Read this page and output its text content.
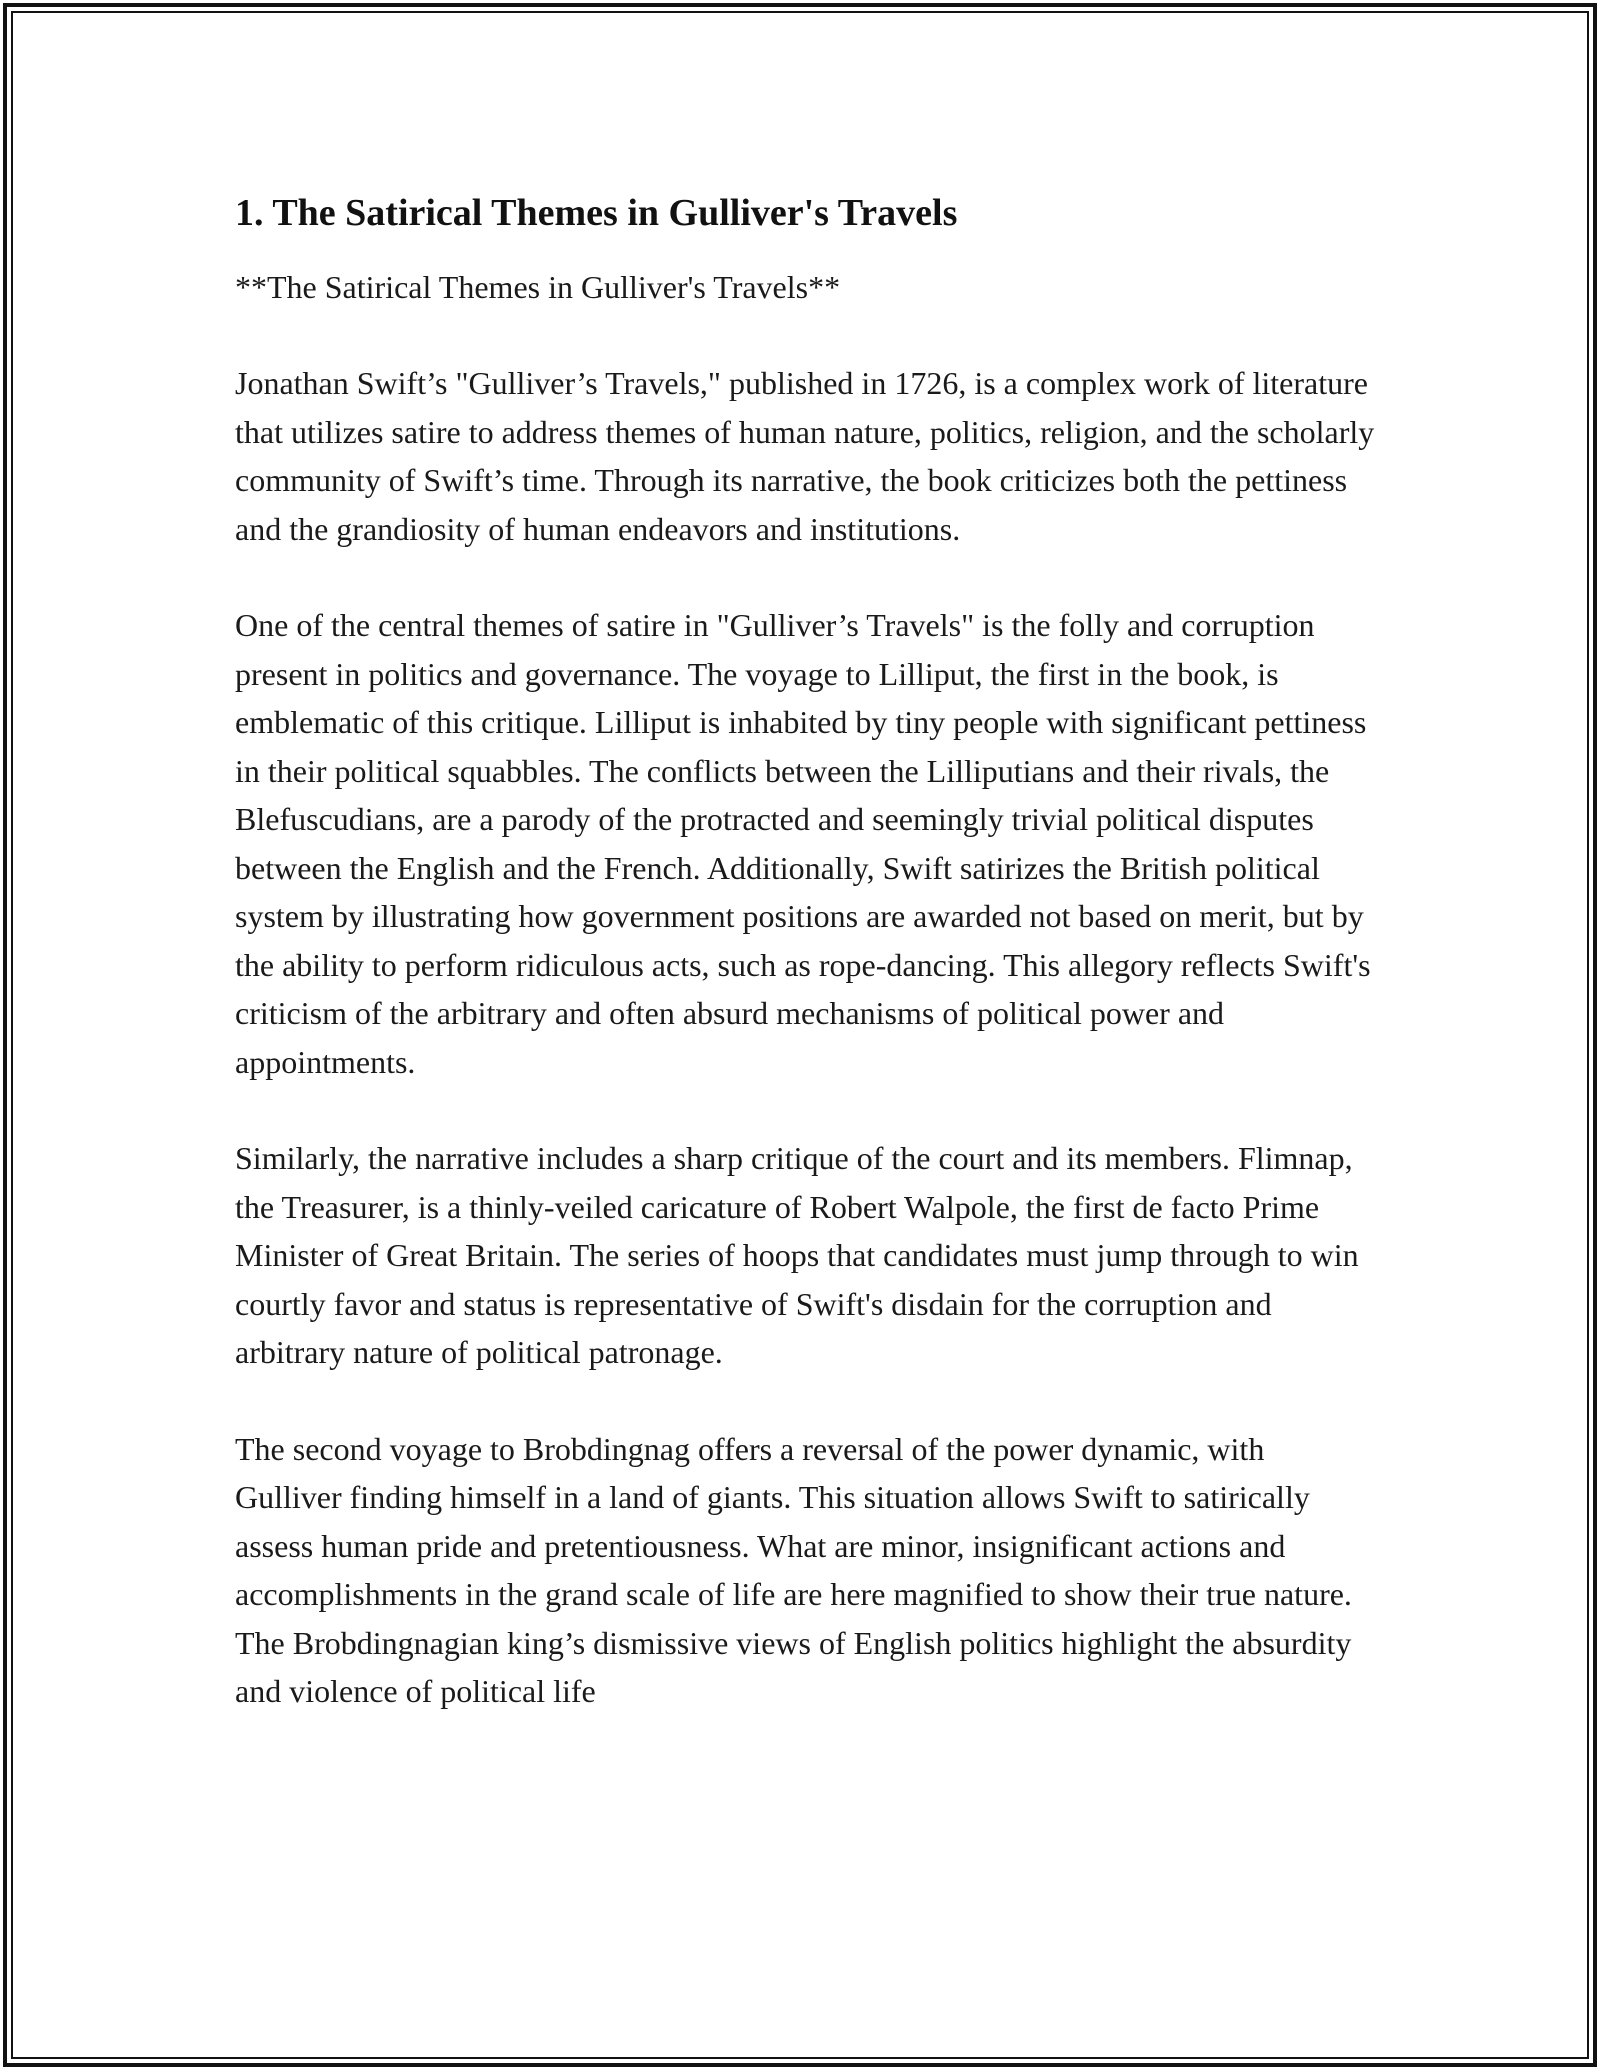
1. The Satirical Themes in Gulliver's Travels

**The Satirical Themes in Gulliver's Travels**

Jonathan Swift’s "Gulliver’s Travels," published in 1726, is a complex work of literature that utilizes satire to address themes of human nature, politics, religion, and the scholarly community of Swift’s time. Through its narrative, the book criticizes both the pettiness and the grandiosity of human endeavors and institutions.

One of the central themes of satire in "Gulliver’s Travels" is the folly and corruption present in politics and governance. The voyage to Lilliput, the first in the book, is emblematic of this critique. Lilliput is inhabited by tiny people with significant pettiness in their political squabbles. The conflicts between the Lilliputians and their rivals, the Blefuscudians, are a parody of the protracted and seemingly trivial political disputes between the English and the French. Additionally, Swift satirizes the British political system by illustrating how government positions are awarded not based on merit, but by the ability to perform ridiculous acts, such as rope-dancing. This allegory reflects Swift's criticism of the arbitrary and often absurd mechanisms of political power and appointments.

Similarly, the narrative includes a sharp critique of the court and its members. Flimnap, the Treasurer, is a thinly-veiled caricature of Robert Walpole, the first de facto Prime Minister of Great Britain. The series of hoops that candidates must jump through to win courtly favor and status is representative of Swift's disdain for the corruption and arbitrary nature of political patronage.

The second voyage to Brobdingnag offers a reversal of the power dynamic, with Gulliver finding himself in a land of giants. This situation allows Swift to satirically assess human pride and pretentiousness. What are minor, insignificant actions and accomplishments in the grand scale of life are here magnified to show their true nature. The Brobdingnagian king’s dismissive views of English politics highlight the absurdity and violence of political life
